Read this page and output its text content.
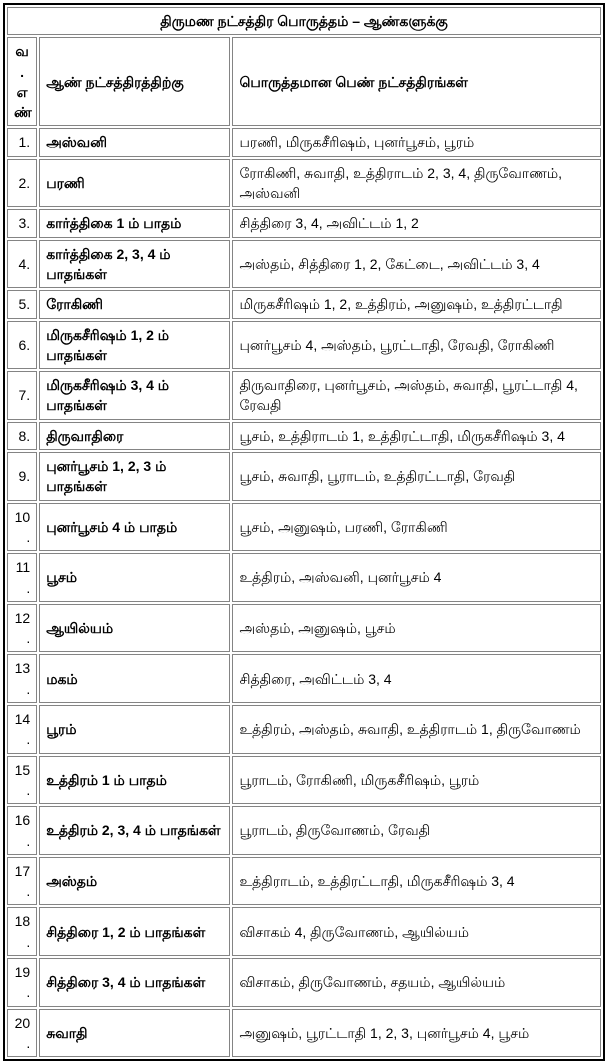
திருமண நட்சத்திர பொருத்தம் – ஆண்களுக்கு		
வ.
எண்	ஆண் நட்சத்திரத்திற்கு	பொருத்தமான பெண் நட்சத்திரங்கள்
1.	அஸ்வனி	பரணி, மிருகசீரிஷம், புனர்பூசம், பூரம்
2.	பரணி	ரோகிணி, சுவாதி, உத்திராடம் 2, 3, 4, திருவோணம், அஸ்வனி
3.	கார்த்திகை 1 ம் பாதம்	சித்திரை 3, 4, அவிட்டம் 1, 2
4.	கார்த்திகை 2, 3, 4 ம் பாதங்கள்	அஸ்தம், சித்திரை 1, 2, கேட்டை, அவிட்டம் 3, 4
5.	ரோகிணி	மிருகசீரிஷம் 1, 2, உத்திரம், அனுஷம், உத்திரட்டாதி
6.	மிருகசீரிஷம் 1, 2 ம் பாதங்கள்	புனர்பூசம் 4, அஸ்தம், பூரட்டாதி, ரேவதி, ரோகிணி
7.	மிருகசீரிஷம் 3, 4 ம் பாதங்கள்	திருவாதிரை, புனர்பூசம், அஸ்தம், சுவாதி, பூரட்டாதி 4, ரேவதி
8.	திருவாதிரை	பூசம், உத்திராடம் 1, உத்திரட்டாதி, மிருகசீரிஷம் 3, 4
9.	புனர்பூசம் 1, 2, 3 ம் பாதங்கள்	பூசம், சுவாதி, பூராடம், உத்திரட்டாதி, ரேவதி
10.	புனர்பூசம் 4 ம் பாதம்	பூசம், அனுஷம், பரணி, ரோகிணி
11.	பூசம்	உத்திரம், அஸ்வனி, புனர்பூசம் 4
12.	ஆயில்யம்	அஸ்தம், அனுஷம், பூசம்
13.	மகம்	சித்திரை, அவிட்டம் 3, 4
14.	பூரம்	உத்திரம், அஸ்தம், சுவாதி, உத்திராடம் 1, திருவோணம்
15.	உத்திரம் 1 ம் பாதம்	பூராடம், ரோகிணி, மிருகசீரிஷம், பூரம்
16.	உத்திரம் 2, 3, 4 ம் பாதங்கள்	பூராடம், திருவோணம், ரேவதி
17.	அஸ்தம்	உத்திராடம், உத்திரட்டாதி, மிருகசீரிஷம் 3, 4
18.	சித்திரை 1, 2 ம் பாதங்கள்	விசாகம் 4, திருவோணம், ஆயில்யம்
19.	சித்திரை 3, 4 ம் பாதங்கள்	விசாகம், திருவோணம், சதயம், ஆயில்யம்
20.	சுவாதி	அனுஷம், பூரட்டாதி 1, 2, 3, புனர்பூசம் 4, பூசம்
